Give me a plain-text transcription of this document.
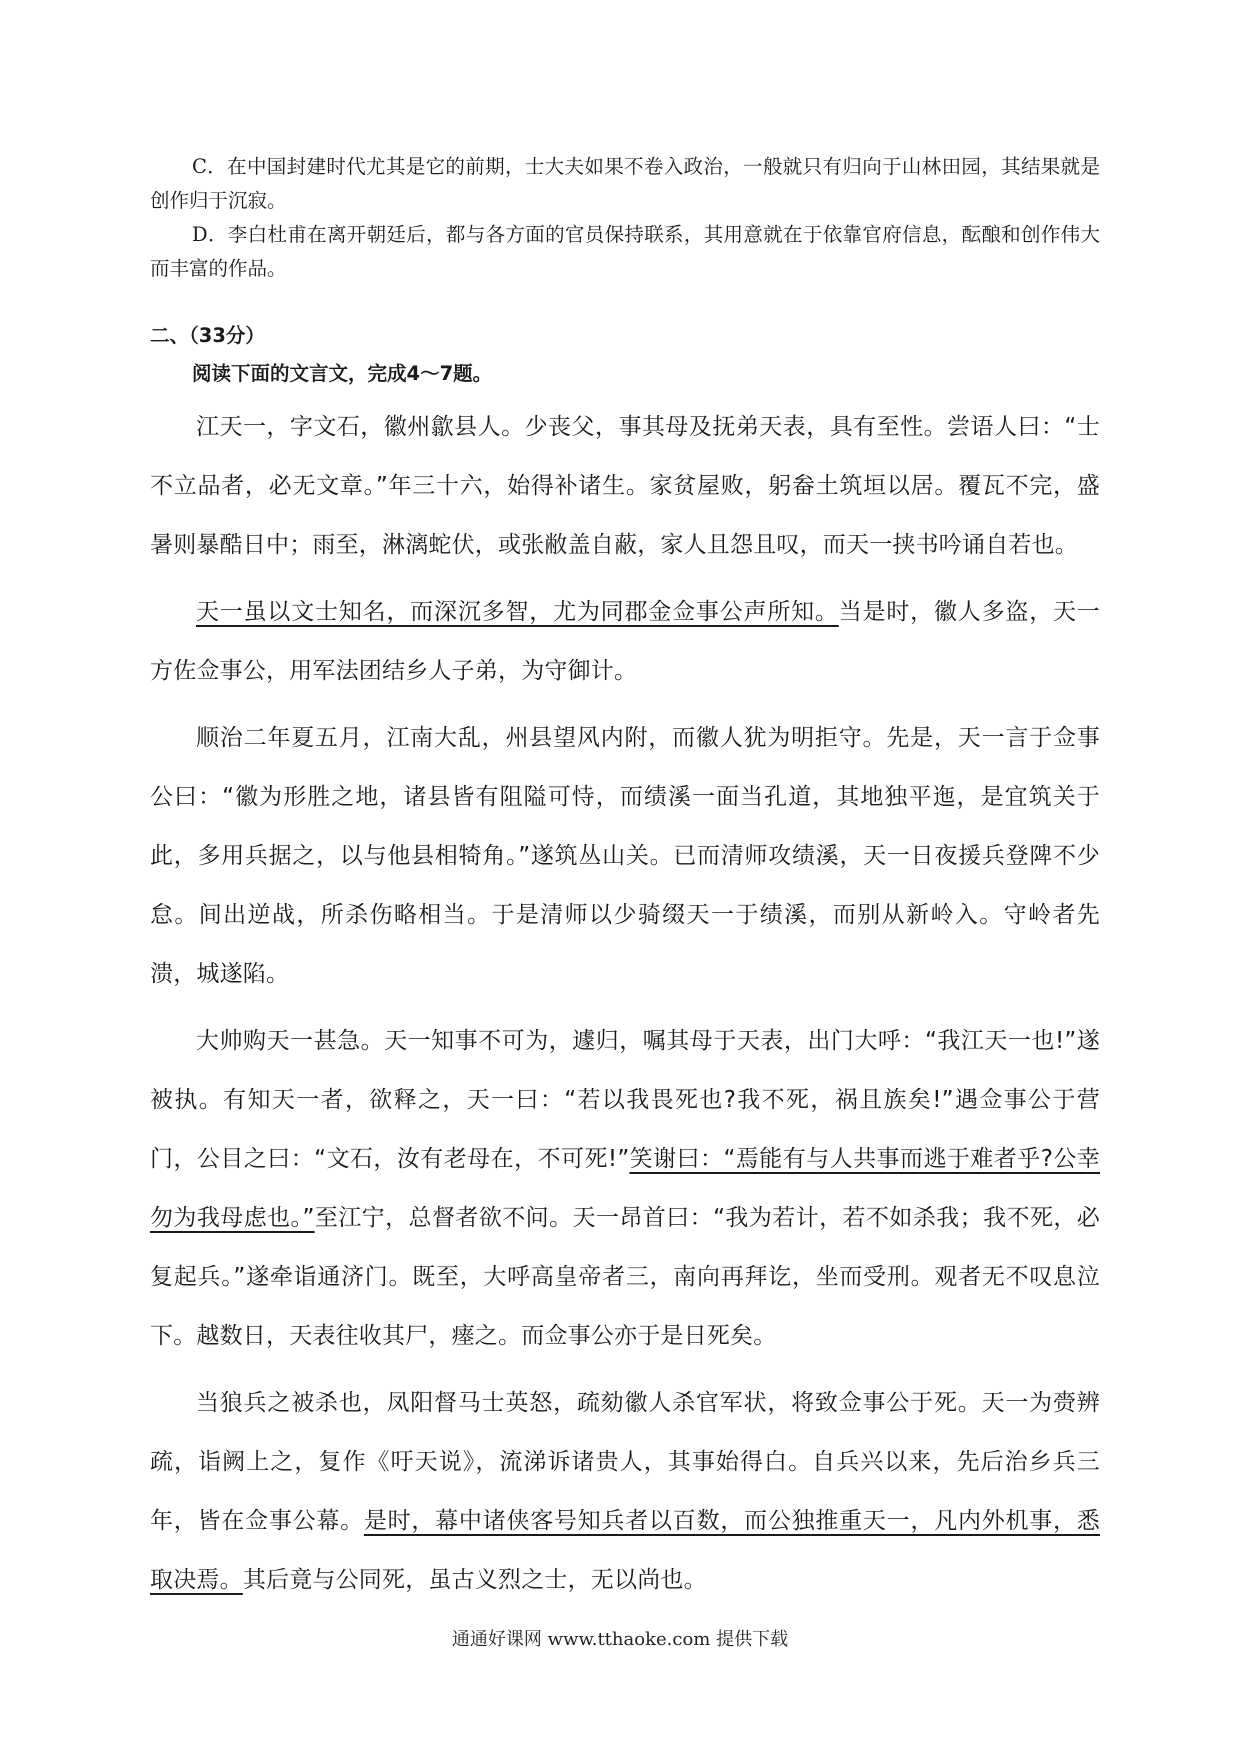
C．在中国封建时代尤其是它的前期，士大夫如果不卷入政治，一般就只有归向于山林田园，其结果就是创作归于沉寂。

D．李白杜甫在离开朝廷后，都与各方面的官员保持联系，其用意就在于依靠官府信息，酝酿和创作伟大而丰富的作品。

二、（33分）

阅读下面的文言文，完成4～7题。

江天一，字文石，徽州歙县人。少丧父，事其母及抚弟天表，具有至性。尝语人曰：“士不立品者，必无文章。”年三十六，始得补诸生。家贫屋败，躬畚土筑垣以居。覆瓦不完，盛暑则暴酷日中；雨至，淋漓蛇伏，或张敝盖自蔽，家人且怨且叹，而天一挟书吟诵自若也。

天一虽以文士知名，而深沉多智，尤为同郡金佥事公声所知。当是时，徽人多盗，天一方佐佥事公，用军法团结乡人子弟，为守御计。

顺治二年夏五月，江南大乱，州县望风内附，而徽人犹为明拒守。先是，天一言于佥事公曰：“徽为形胜之地，诸县皆有阻隘可恃，而绩溪一面当孔道，其地独平迤，是宜筑关于此，多用兵据之，以与他县相犄角。”遂筑丛山关。已而清师攻绩溪，天一日夜援兵登陴不少怠。间出逆战，所杀伤略相当。于是清师以少骑缀天一于绩溪，而别从新岭入。守岭者先溃，城遂陷。

大帅购天一甚急。天一知事不可为，遽归，嘱其母于天表，出门大呼：“我江天一也!”遂被执。有知天一者，欲释之，天一曰：“若以我畏死也?我不死，祸且族矣!”遇佥事公于营门，公目之曰：“文石，汝有老母在，不可死!”笑谢曰：“焉能有与人共事而逃于难者乎?公幸勿为我母虑也。”至江宁，总督者欲不问。天一昂首曰：“我为若计，若不如杀我；我不死，必复起兵。”遂牵诣通济门。既至，大呼高皇帝者三，南向再拜讫，坐而受刑。观者无不叹息泣下。越数日，天表往收其尸，瘗之。而佥事公亦于是日死矣。

当狼兵之被杀也，凤阳督马士英怒，疏劾徽人杀官军状，将致佥事公于死。天一为赍辨疏，诣阙上之，复作《吁天说》，流涕诉诸贵人，其事始得白。自兵兴以来，先后治乡兵三年，皆在佥事公幕。是时，幕中诸侠客号知兵者以百数，而公独推重天一，凡内外机事，悉取决焉。其后竟与公同死，虽古义烈之士，无以尚也。

通通好课网 www.tthaoke.com 提供下载
